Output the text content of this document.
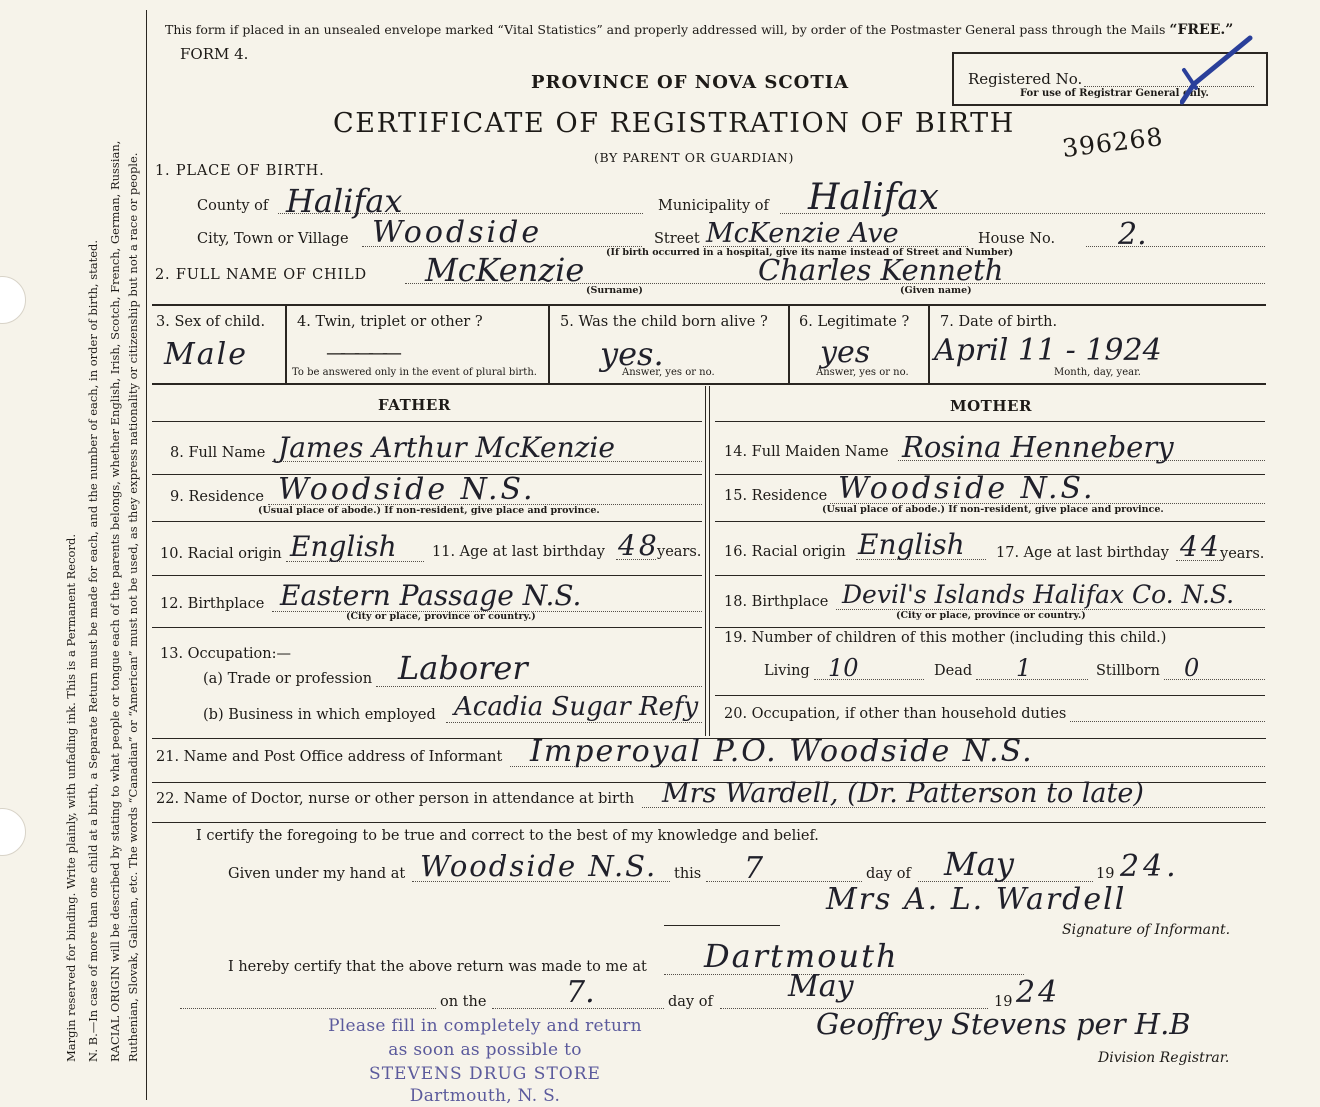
Margin reserved for binding. Write plainly, with unfading ink. This is a Permanent Record. N. B.—In case of more than one child at a birth, a Separate Return must be made for each, and the number of each, in order of birth, stated. RACIAL ORIGIN will be described by stating to what people or tongue each of the parents belongs, whether English, Irish, Scotch, French, German, Russian, Ruthenian, Slovak, Galician, etc. The words “Canadian” or “American” must not be used, as they express nationality or citizenship but not a race or people.
This form if placed in an unsealed envelope marked “Vital Statistics” and properly addressed will, by order of the Postmaster General pass through the Mails “FREE.”
FORM 4.
PROVINCE OF NOVA SCOTIA
CERTIFICATE OF REGISTRATION OF BIRTH
(BY PARENT OR GUARDIAN)
Registered No.
For use of Registrar General only.
396268
1. PLACE OF BIRTH.
County of Halifax	Municipality of Halifax
City, Town or Village Woodside	Street McKenzie Ave	House No. 2.
(If birth occurred in a hospital, give its name instead of Street and Number)
2. FULL NAME OF CHILD McKenzie
(Surname)
Charles Kenneth
(Given name)
3. Sex of child.
Male
4. Twin, triplet or other ?
—————
To be answered only in the event of plural birth.
5. Was the child born alive ?
yes.
Answer, yes or no.
6. Legitimate ?
yes
Answer, yes or no.
7. Date of birth.
April 11 - 1924
Month, day, year.
FATHER	MOTHER
8. Full Name James Arthur McKenzie
9. Residence Woodside N.S.
(Usual place of abode.) If non-resident, give place and province.
10. Racial origin English 11. Age at last birthday 48
years.
12. Birthplace Eastern Passage N.S.
(City or place, province or country.)
13. Occupation:—
(a) Trade or profession Laborer
(b) Business in which employed Acadia Sugar Refy
14. Full Maiden Name Rosina Hennebery
15. Residence Woodside N.S.
(Usual place of abode.) If non-resident, give place and province.
16. Racial origin English 17. Age at last birthday 44
years.
18. Birthplace Devil's Islands Halifax Co. N.S.
(City or place, province or country.)
19. Number of children of this mother (including this child.)
Living 10	Dead 1	Stillborn 0
20. Occupation, if other than household duties
21. Name and Post Office address of Informant Imperoyal P.O. Woodside N.S.
22. Name of Doctor, nurse or other person in attendance at birth Mrs Wardell, (Dr. Patterson to late)
I certify the foregoing to be true and correct to the best of my knowledge and belief.
Given under my hand at Woodside N.S. this 7	day of May	19 24.
Mrs A. L. Wardell
Signature of Informant.
I hereby certify that the above return was made to me at Dartmouth
on the	7.	day of	May	19 24
Geoffrey Stevens per H.B
Division Registrar.
Please fill in completely and return
as soon as possible to
STEVENS DRUG STORE
Dartmouth, N. S.
